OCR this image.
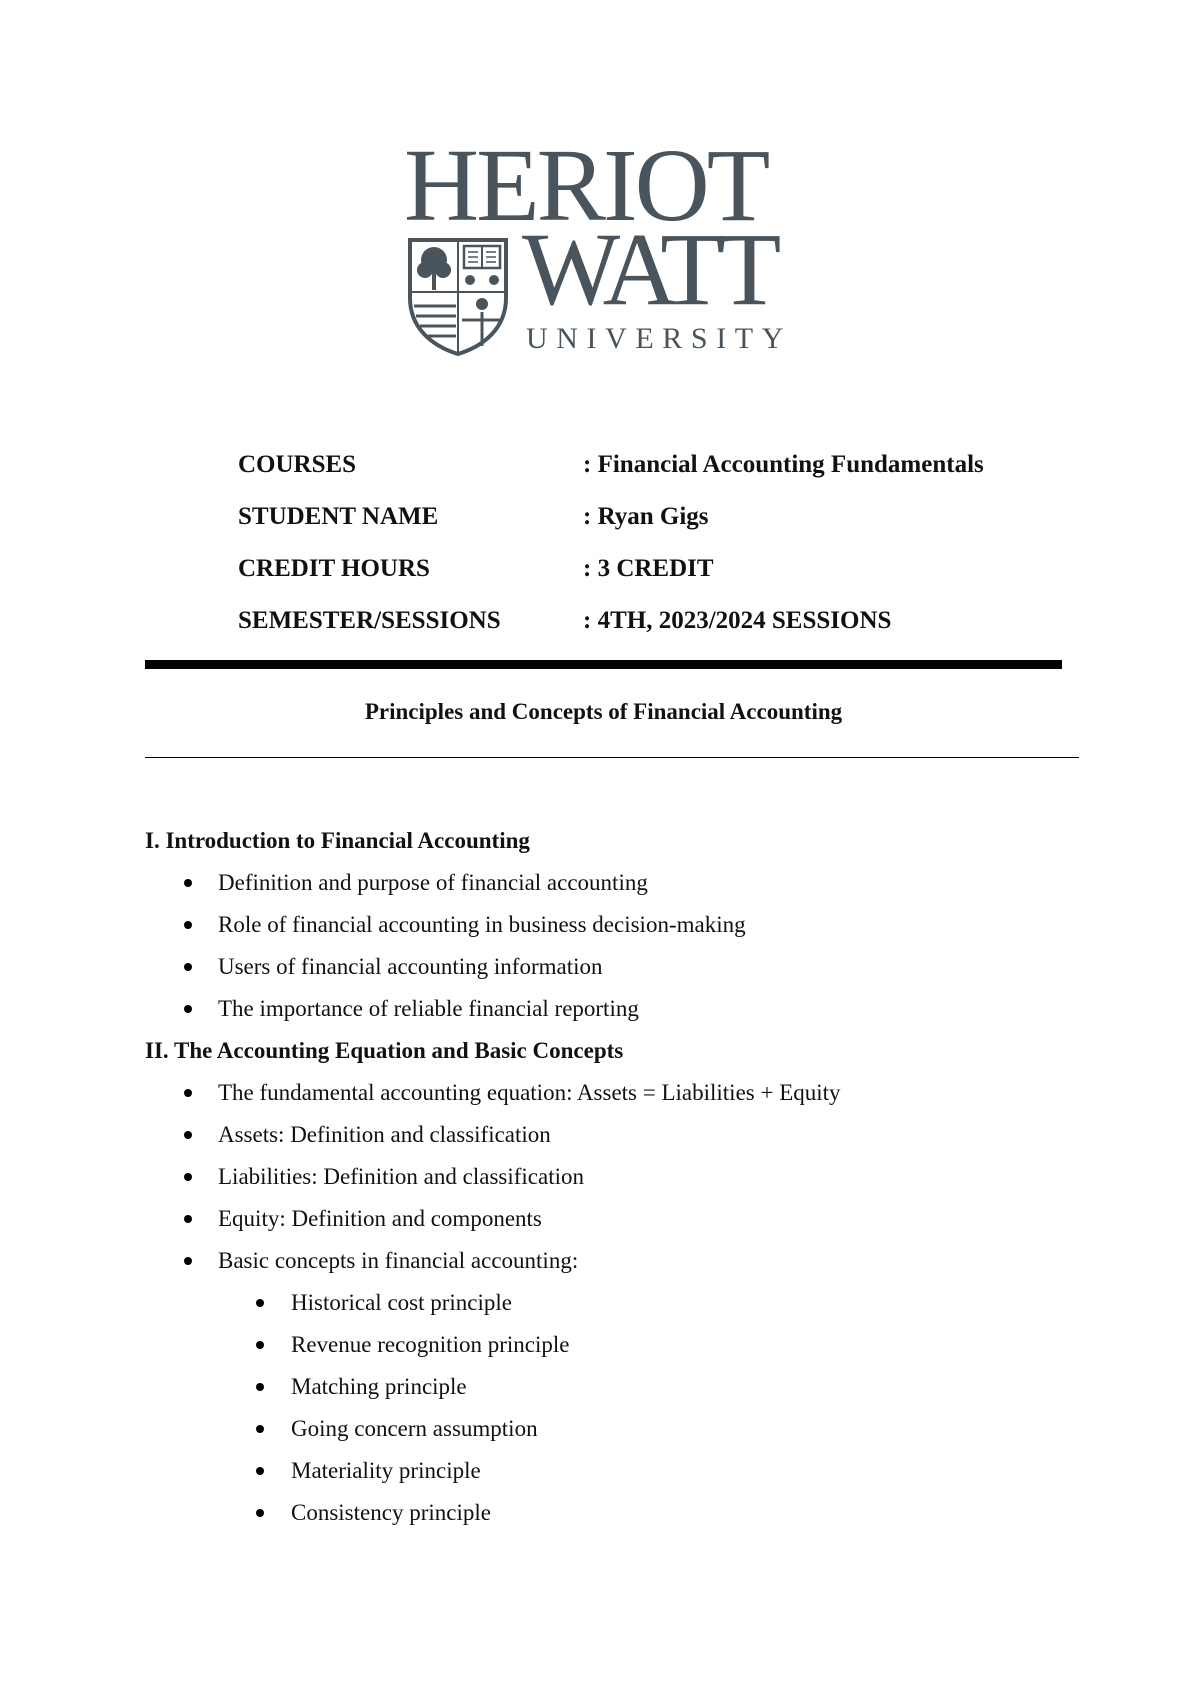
HERIOT
WATT
UNIVERSITY
COURSES	: Financial Accounting Fundamentals
STUDENT NAME	: Ryan Gigs
CREDIT HOURS	: 3 CREDIT
SEMESTER/SESSIONS	: 4TH, 2023/2024 SESSIONS
Principles and Concepts of Financial Accounting
I. Introduction to Financial Accounting
Definition and purpose of financial accounting
Role of financial accounting in business decision-making
Users of financial accounting information
The importance of reliable financial reporting
II. The Accounting Equation and Basic Concepts
The fundamental accounting equation: Assets = Liabilities + Equity
Assets: Definition and classification
Liabilities: Definition and classification
Equity: Definition and components
Basic concepts in financial accounting:
Historical cost principle
Revenue recognition principle
Matching principle
Going concern assumption
Materiality principle
Consistency principle
